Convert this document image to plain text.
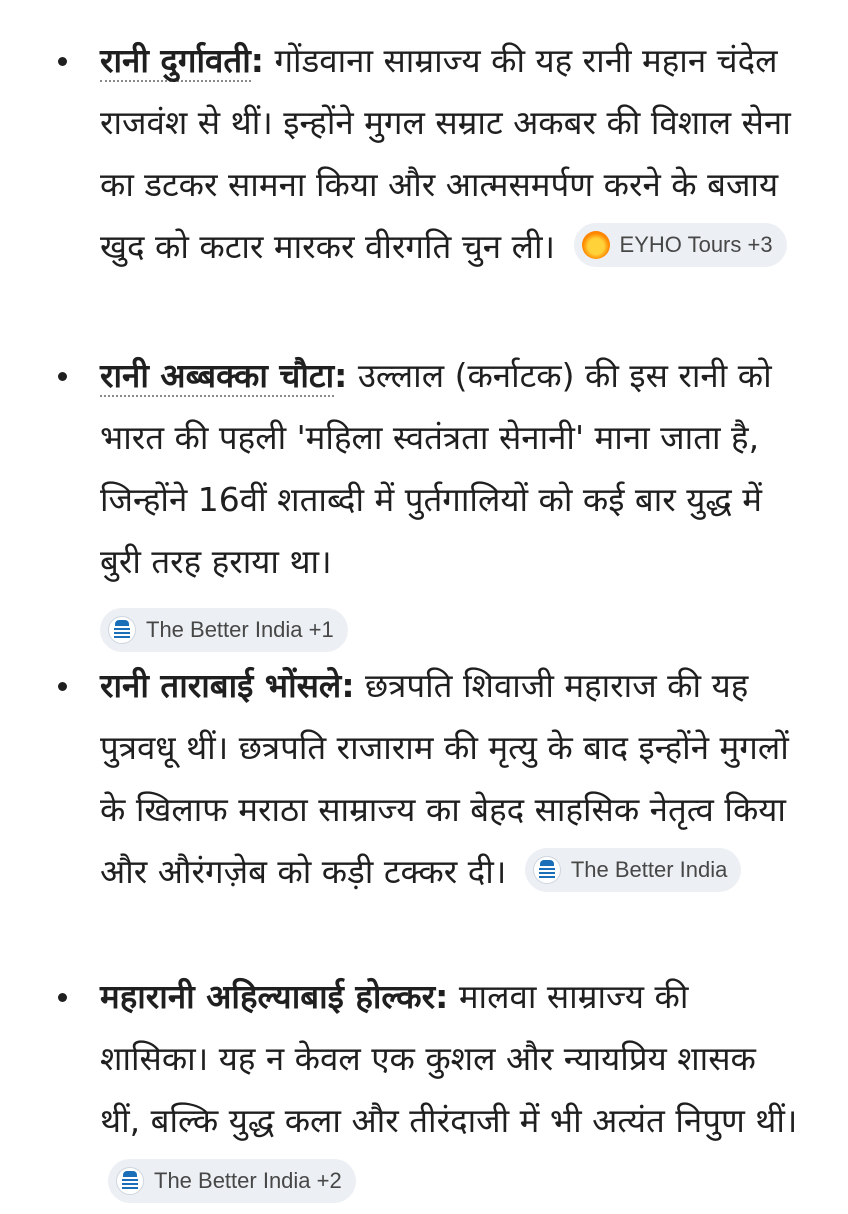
रानी दुर्गावती: गोंडवाना साम्राज्य की यह रानी महान चंदेल राजवंश से थीं। इन्होंने मुगल सम्राट अकबर की विशाल सेना का डटकर सामना किया और आत्मसमर्पण करने के बजाय खुद को कटार मारकर वीरगति चुन ली।	EYHO Tours +3
रानी अब्बक्का चौटा: उल्लाल (कर्नाटक) की इस रानी को भारत की पहली 'महिला स्वतंत्रता सेनानी' माना जाता है, जिन्होंने 16वीं शताब्दी में पुर्तगालियों को कई बार युद्ध में बुरी तरह हराया था।
The Better India +1
रानी ताराबाई भोंसले: छत्रपति शिवाजी महाराज की यह पुत्रवधू थीं। छत्रपति राजाराम की मृत्यु के बाद इन्होंने मुगलों के खिलाफ मराठा साम्राज्य का बेहद साहसिक नेतृत्व किया और औरंगज़ेब को कड़ी टक्कर दी।	The Better India
महारानी अहिल्याबाई होल्कर: मालवा साम्राज्य की शासिका। यह न केवल एक कुशल और न्यायप्रिय शासक थीं, बल्कि युद्ध कला और तीरंदाजी में भी अत्यंत निपुण थीं।
The Better India +2
